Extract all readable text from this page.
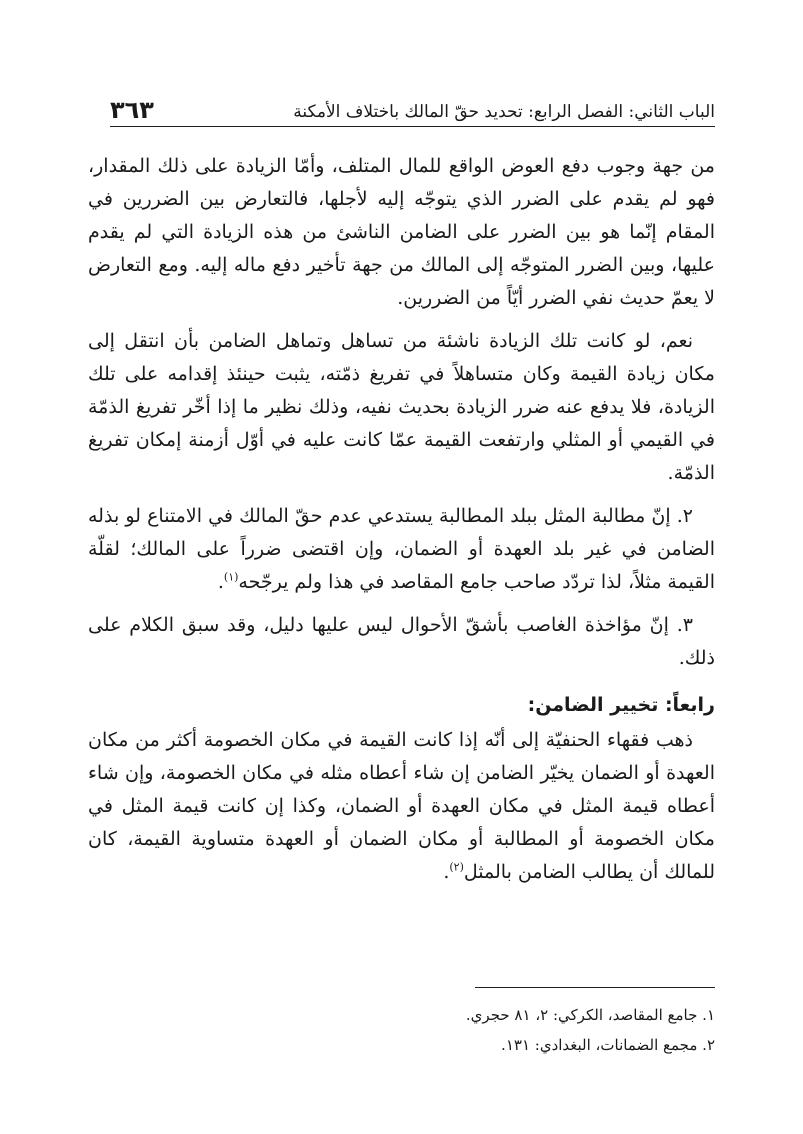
الباب الثاني: الفصل الرابع: تحديد حقّ المالك باختلاف الأمكنة
٣٦٣

من جهة وجوب دفع العوض الواقع للمال المتلف، وأمّا الزيادة على ذلك المقدار، فهو لم يقدم على الضرر الذي يتوجّه إليه لأجلها، فالتعارض بين الضررين في المقام إنّما هو بين الضرر على الضامن الناشئ من هذه الزيادة التي لم يقدم عليها، وبين الضرر المتوجّه إلى المالك من جهة تأخير دفع ماله إليه. ومع التعارض لا يعمّ حديث نفي الضرر أيّاً من الضررين.

نعم، لو كانت تلك الزيادة ناشئة من تساهل وتماهل الضامن بأن انتقل إلى مكان زيادة القيمة وكان متساهلاً في تفريغ ذمّته، يثبت حينئذ إقدامه على تلك الزيادة، فلا يدفع عنه ضرر الزيادة بحديث نفيه، وذلك نظير ما إذا أخّر تفريغ الذمّة في القيمي أو المثلي وارتفعت القيمة عمّا كانت عليه في أوّل أزمنة إمكان تفريغ الذمّة.

٢. إنّ مطالبة المثل ببلد المطالبة يستدعي عدم حقّ المالك في الامتناع لو بذله الضامن في غير بلد العهدة أو الضمان، وإن اقتضى ضرراً على المالك؛ لقلّة القيمة مثلاً، لذا تردّد صاحب جامع المقاصد في هذا ولم يرجّحه$^{(١)}$.

٣. إنّ مؤاخذة الغاصب بأشقّ الأحوال ليس عليها دليل، وقد سبق الكلام على ذلك.

رابعاً: تخيير الضامن:

ذهب فقهاء الحنفيّة إلى أنّه إذا كانت القيمة في مكان الخصومة أكثر من مكان العهدة أو الضمان يخيّر الضامن إن شاء أعطاه مثله في مكان الخصومة، وإن شاء أعطاه قيمة المثل في مكان العهدة أو الضمان، وكذا إن كانت قيمة المثل في مكان الخصومة أو المطالبة أو مكان الضمان أو العهدة متساوية القيمة، كان للمالك أن يطالب الضامن بالمثل$^{(٢)}$.

١. جامع المقاصد، الكركي: ٢، ٨١ حجري.
٢. مجمع الضمانات، البغدادي: ١٣١.
